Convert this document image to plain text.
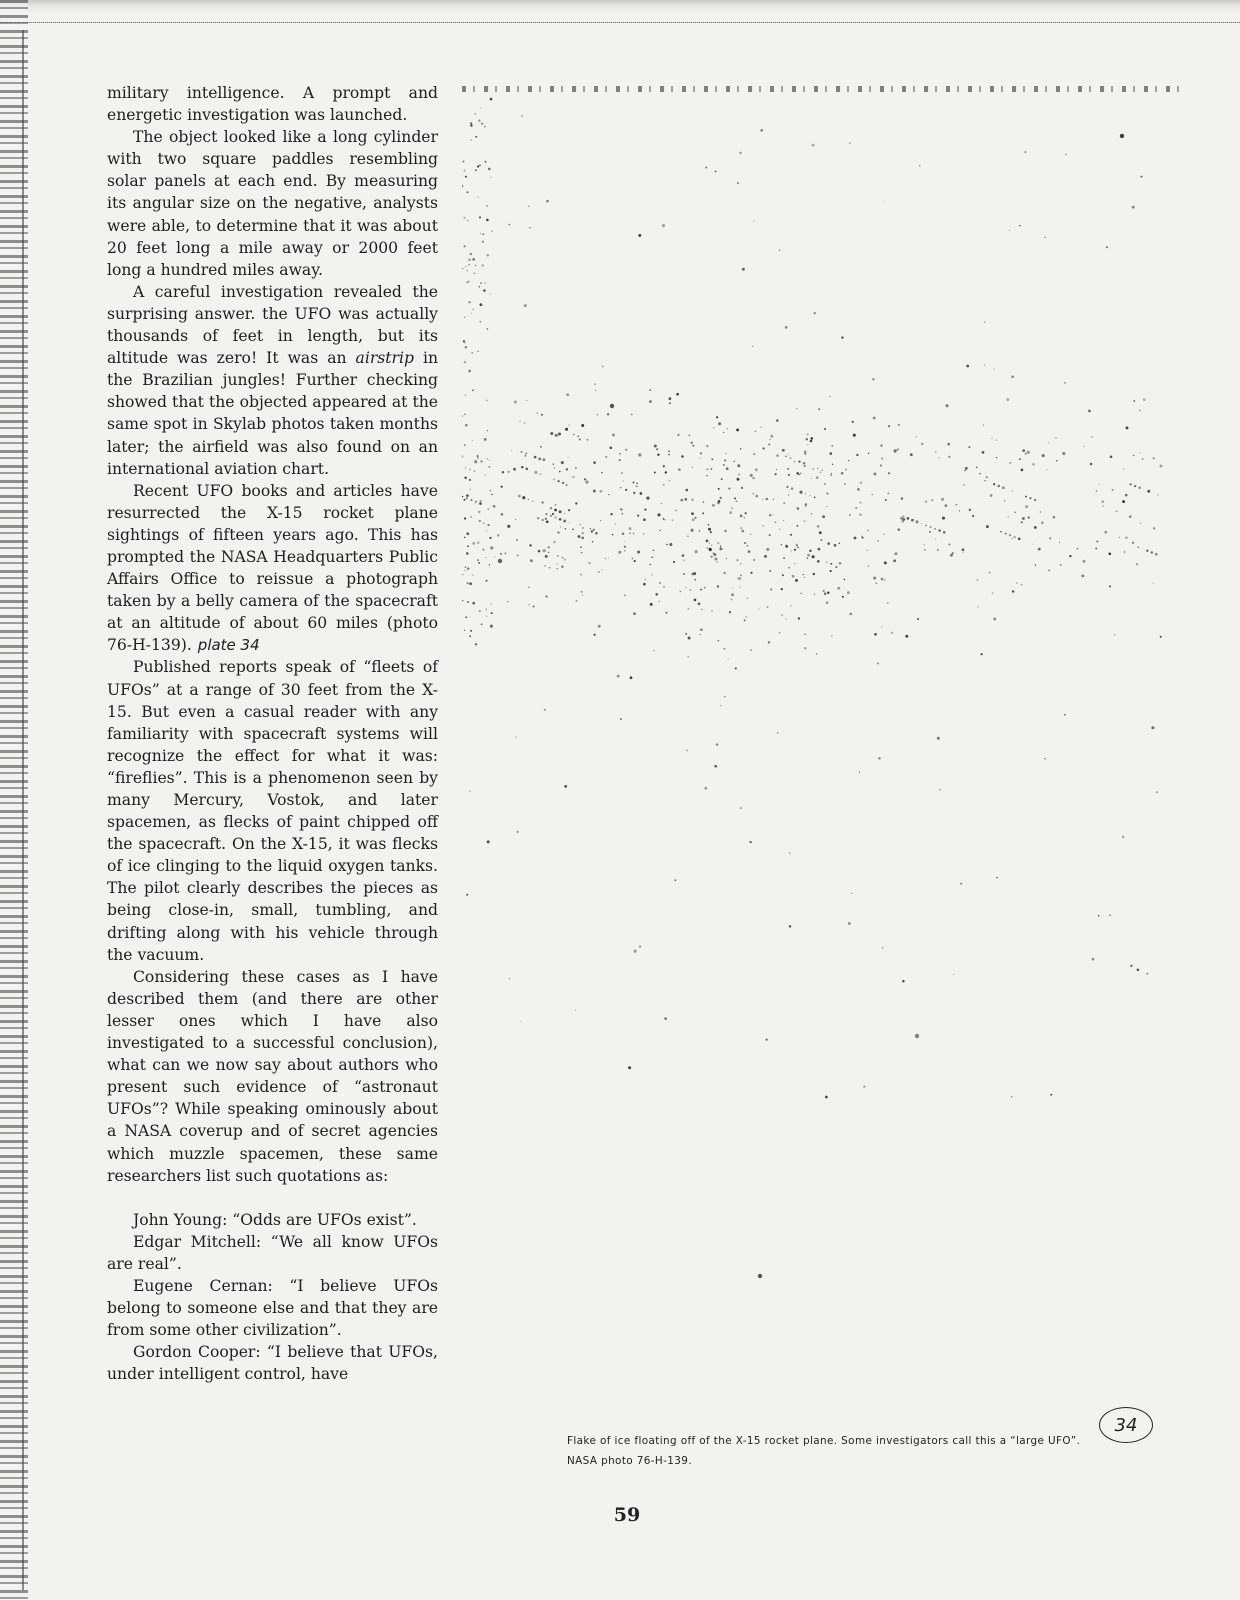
military intelligence. A prompt and energetic investigation was launched.

The object looked like a long cylinder with two square paddles resembling solar panels at each end. By measuring its angular size on the negative, analysts were able, to determine that it was about 20 feet long a mile away or 2000 feet long a hundred miles away.

A careful investigation revealed the surprising answer. the UFO was actually thousands of feet in length, but its altitude was zero! It was an airstrip in the Brazilian jungles! Further checking showed that the objected appeared at the same spot in Skylab photos taken months later; the airfield was also found on an international aviation chart.

Recent UFO books and articles have resurrected the X-15 rocket plane sightings of fifteen years ago. This has prompted the NASA Headquarters Public Affairs Office to reissue a photograph taken by a belly camera of the spacecraft at an altitude of about 60 miles (photo 76-H-139). plate 34

Published reports speak of “fleets of UFOs” at a range of 30 feet from the X-15. But even a casual reader with any familiarity with spacecraft systems will recognize the effect for what it was: “fireflies”. This is a phenomenon seen by many Mercury, Vostok, and later spacemen, as flecks of paint chipped off the spacecraft. On the X-15, it was flecks of ice clinging to the liquid oxygen tanks. The pilot clearly describes the pieces as being close-in, small, tumbling, and drifting along with his vehicle through the vacuum.

Considering these cases as I have described them (and there are other lesser ones which I have also investigated to a successful conclusion), what can we now say about authors who present such evidence of “astronaut UFOs”? While speaking ominously about a NASA coverup and of secret agencies which muzzle spacemen, these same researchers list such quotations as:

John Young: “Odds are UFOs exist”.

Edgar Mitchell: “We all know UFOs are real”.

Eugene Cernan: “I believe UFOs belong to someone else and that they are from some other civilization”.

Gordon Cooper: “I believe that UFOs, under intelligent control, have

Flake of ice floating off of the X-15 rocket plane. Some investigators call this a “large UFO”. NASA photo 76-H-139.
34
59
